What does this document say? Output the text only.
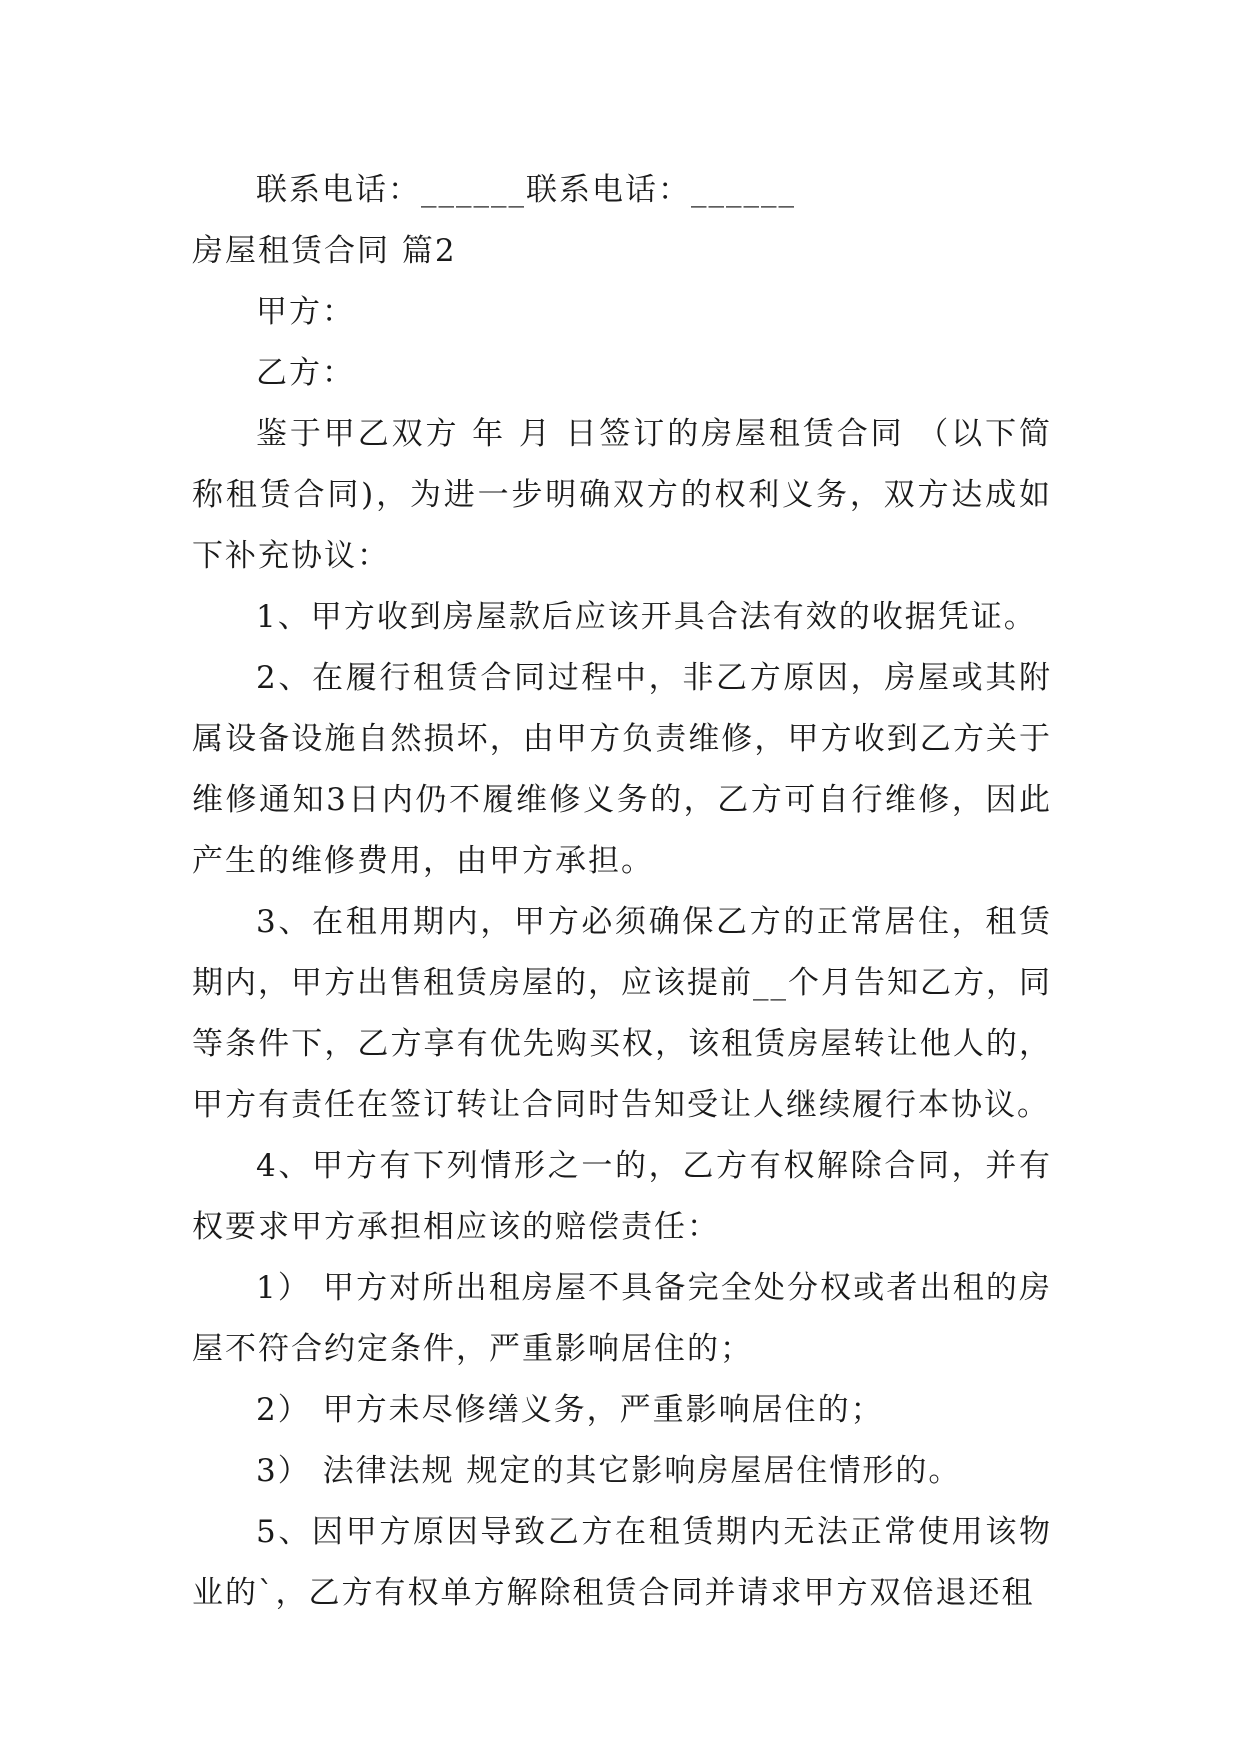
联系电话：______联系电话：______

房屋租赁合同 篇2

甲方：

乙方：

鉴于甲乙双方 年 月 日签订的房屋租赁合同 （以下简称租赁合同)，为进一步明确双方的权利义务，双方达成如下补充协议：

1、甲方收到房屋款后应该开具合法有效的收据凭证。

2、在履行租赁合同过程中，非乙方原因，房屋或其附属设备设施自然损坏，由甲方负责维修，甲方收到乙方关于维修通知3日内仍不履维修义务的，乙方可自行维修，因此产生的维修费用，由甲方承担。

3、在租用期内，甲方必须确保乙方的正常居住，租赁期内，甲方出售租赁房屋的，应该提前__个月告知乙方，同等条件下，乙方享有优先购买权，该租赁房屋转让他人的，甲方有责任在签订转让合同时告知受让人继续履行本协议。

4、甲方有下列情形之一的，乙方有权解除合同，并有权要求甲方承担相应该的赔偿责任：

1） 甲方对所出租房屋不具备完全处分权或者出租的房屋不符合约定条件，严重影响居住的；

2） 甲方未尽修缮义务，严重影响居住的；

3） 法律法规 规定的其它影响房屋居住情形的。

5、因甲方原因导致乙方在租赁期内无法正常使用该物业的`，乙方有权单方解除租赁合同并请求甲方双倍退还租
